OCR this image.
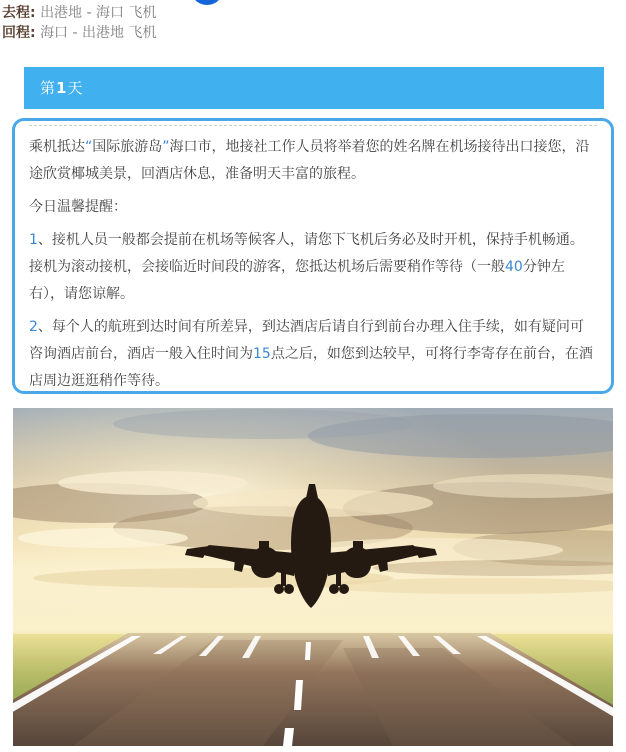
去程: 出港地 - 海口 飞机
回程: 海口 - 出港地 飞机
第1天

乘机抵达“国际旅游岛”海口市，地接社工作人员将举着您的姓名牌在机场接待出口接您，沿途欣赏椰城美景，回酒店休息，准备明天丰富的旅程。

今日温馨提醒：

1、接机人员一般都会提前在机场等候客人，请您下飞机后务必及时开机，保持手机畅通。接机为滚动接机，会接临近时间段的游客，您抵达机场后需要稍作等待（一般40分钟左右），请您谅解。

2、每个人的航班到达时间有所差异，到达酒店后请自行到前台办理入住手续，如有疑问可咨询酒店前台，酒店一般入住时间为15点之后，如您到达较早，可将行李寄存在前台，在酒店周边逛逛稍作等待。
